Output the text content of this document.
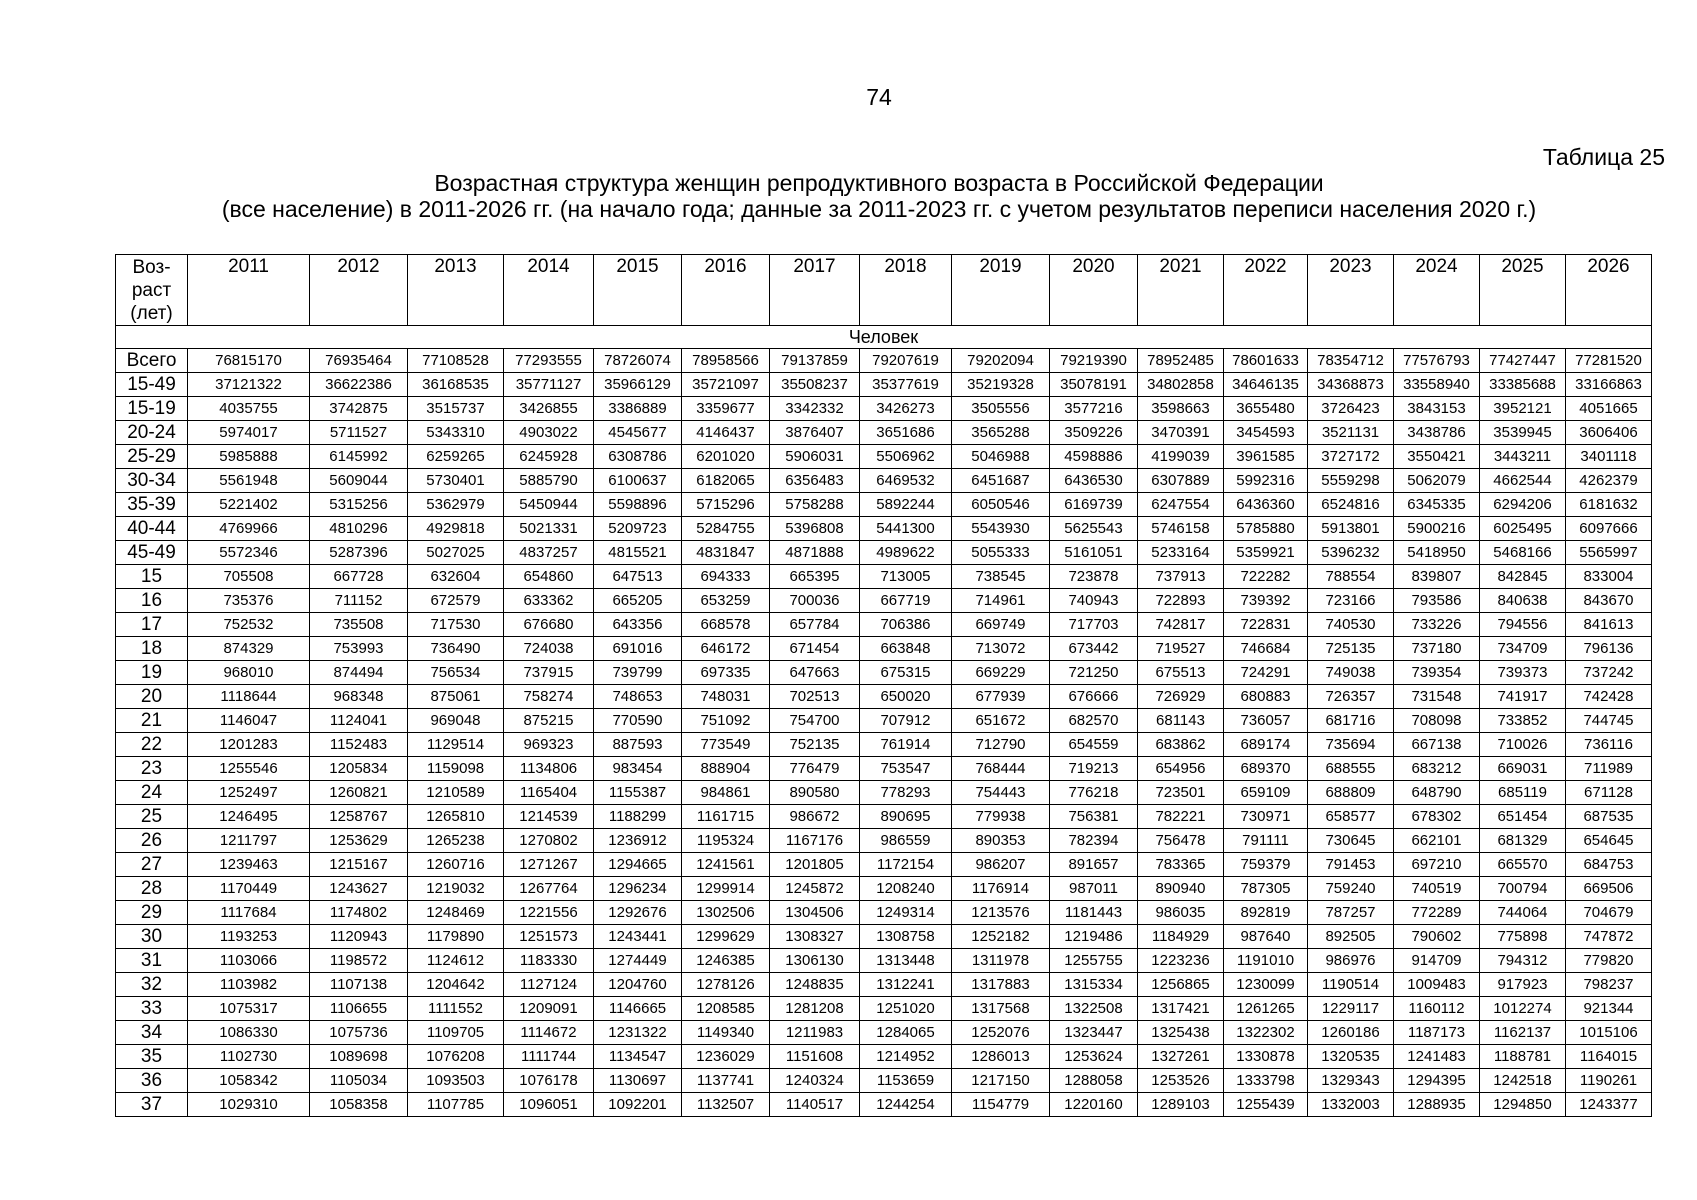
74
Таблица 25
Возрастная структура женщин репродуктивного возраста в Российской Федерации
(все население) в 2011-2026 гг. (на начало года; данные за 2011-2023 гг. с учетом результатов переписи населения 2020 г.)
Воз-
раст
(лет)	2011	2012	2013	2014	2015	2016	2017	2018	2019	2020	2021	2022	2023	2024	2025	2026
Человек																
Всего	76815170	76935464	77108528	77293555	78726074	78958566	79137859	79207619	79202094	79219390	78952485	78601633	78354712	77576793	77427447	77281520
15-49	37121322	36622386	36168535	35771127	35966129	35721097	35508237	35377619	35219328	35078191	34802858	34646135	34368873	33558940	33385688	33166863
15-19	4035755	3742875	3515737	3426855	3386889	3359677	3342332	3426273	3505556	3577216	3598663	3655480	3726423	3843153	3952121	4051665
20-24	5974017	5711527	5343310	4903022	4545677	4146437	3876407	3651686	3565288	3509226	3470391	3454593	3521131	3438786	3539945	3606406
25-29	5985888	6145992	6259265	6245928	6308786	6201020	5906031	5506962	5046988	4598886	4199039	3961585	3727172	3550421	3443211	3401118
30-34	5561948	5609044	5730401	5885790	6100637	6182065	6356483	6469532	6451687	6436530	6307889	5992316	5559298	5062079	4662544	4262379
35-39	5221402	5315256	5362979	5450944	5598896	5715296	5758288	5892244	6050546	6169739	6247554	6436360	6524816	6345335	6294206	6181632
40-44	4769966	4810296	4929818	5021331	5209723	5284755	5396808	5441300	5543930	5625543	5746158	5785880	5913801	5900216	6025495	6097666
45-49	5572346	5287396	5027025	4837257	4815521	4831847	4871888	4989622	5055333	5161051	5233164	5359921	5396232	5418950	5468166	5565997
15	705508	667728	632604	654860	647513	694333	665395	713005	738545	723878	737913	722282	788554	839807	842845	833004
16	735376	711152	672579	633362	665205	653259	700036	667719	714961	740943	722893	739392	723166	793586	840638	843670
17	752532	735508	717530	676680	643356	668578	657784	706386	669749	717703	742817	722831	740530	733226	794556	841613
18	874329	753993	736490	724038	691016	646172	671454	663848	713072	673442	719527	746684	725135	737180	734709	796136
19	968010	874494	756534	737915	739799	697335	647663	675315	669229	721250	675513	724291	749038	739354	739373	737242
20	1118644	968348	875061	758274	748653	748031	702513	650020	677939	676666	726929	680883	726357	731548	741917	742428
21	1146047	1124041	969048	875215	770590	751092	754700	707912	651672	682570	681143	736057	681716	708098	733852	744745
22	1201283	1152483	1129514	969323	887593	773549	752135	761914	712790	654559	683862	689174	735694	667138	710026	736116
23	1255546	1205834	1159098	1134806	983454	888904	776479	753547	768444	719213	654956	689370	688555	683212	669031	711989
24	1252497	1260821	1210589	1165404	1155387	984861	890580	778293	754443	776218	723501	659109	688809	648790	685119	671128
25	1246495	1258767	1265810	1214539	1188299	1161715	986672	890695	779938	756381	782221	730971	658577	678302	651454	687535
26	1211797	1253629	1265238	1270802	1236912	1195324	1167176	986559	890353	782394	756478	791111	730645	662101	681329	654645
27	1239463	1215167	1260716	1271267	1294665	1241561	1201805	1172154	986207	891657	783365	759379	791453	697210	665570	684753
28	1170449	1243627	1219032	1267764	1296234	1299914	1245872	1208240	1176914	987011	890940	787305	759240	740519	700794	669506
29	1117684	1174802	1248469	1221556	1292676	1302506	1304506	1249314	1213576	1181443	986035	892819	787257	772289	744064	704679
30	1193253	1120943	1179890	1251573	1243441	1299629	1308327	1308758	1252182	1219486	1184929	987640	892505	790602	775898	747872
31	1103066	1198572	1124612	1183330	1274449	1246385	1306130	1313448	1311978	1255755	1223236	1191010	986976	914709	794312	779820
32	1103982	1107138	1204642	1127124	1204760	1278126	1248835	1312241	1317883	1315334	1256865	1230099	1190514	1009483	917923	798237
33	1075317	1106655	1111552	1209091	1146665	1208585	1281208	1251020	1317568	1322508	1317421	1261265	1229117	1160112	1012274	921344
34	1086330	1075736	1109705	1114672	1231322	1149340	1211983	1284065	1252076	1323447	1325438	1322302	1260186	1187173	1162137	1015106
35	1102730	1089698	1076208	1111744	1134547	1236029	1151608	1214952	1286013	1253624	1327261	1330878	1320535	1241483	1188781	1164015
36	1058342	1105034	1093503	1076178	1130697	1137741	1240324	1153659	1217150	1288058	1253526	1333798	1329343	1294395	1242518	1190261
37	1029310	1058358	1107785	1096051	1092201	1132507	1140517	1244254	1154779	1220160	1289103	1255439	1332003	1288935	1294850	1243377
